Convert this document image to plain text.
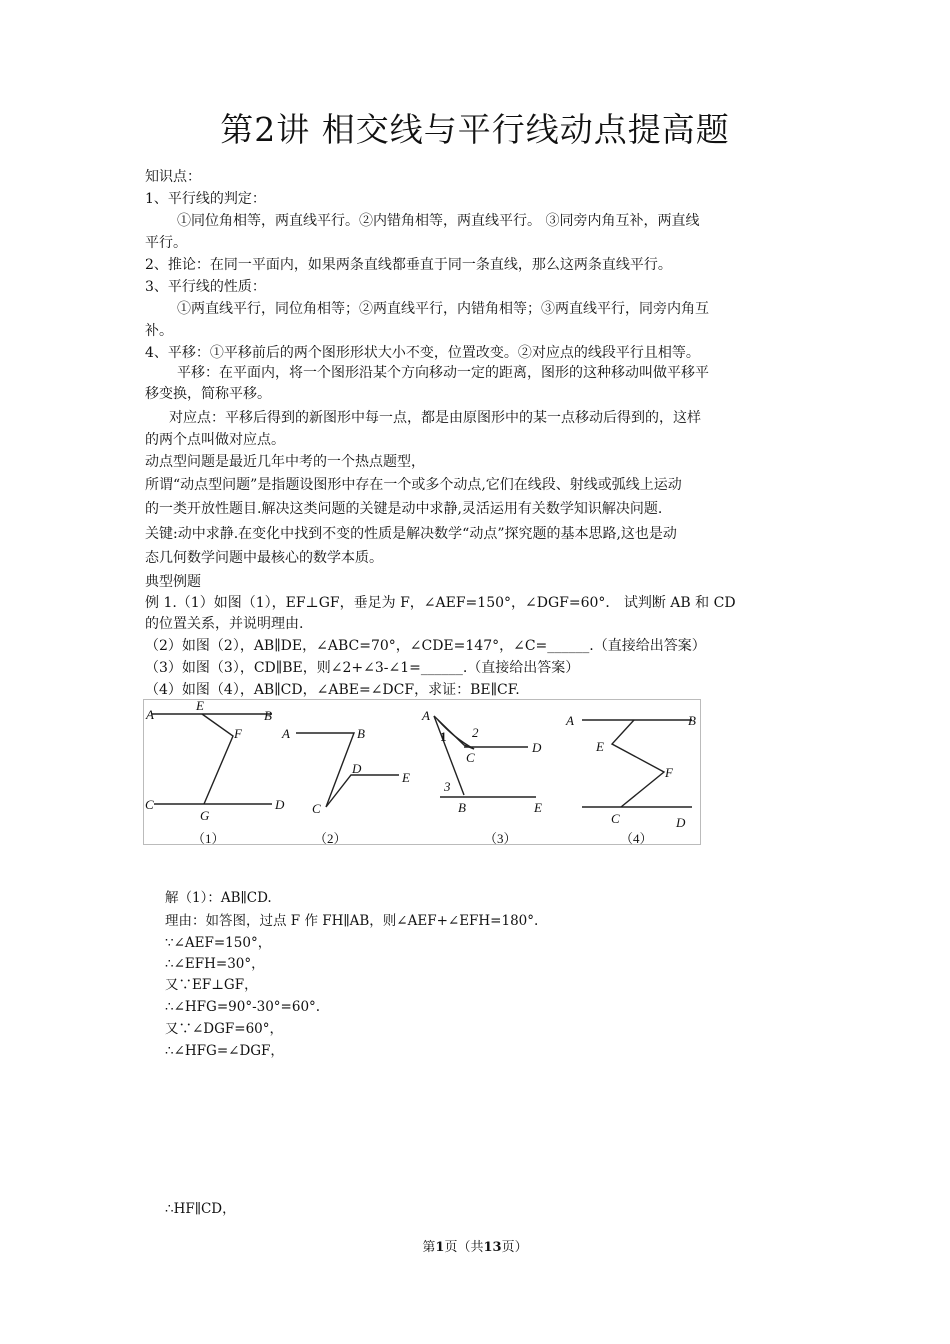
第2讲 相交线与平行线动点提高题
知识点：
1、平行线的判定：
①同位角相等，两直线平行。②内错角相等，两直线平行。 ③同旁内角互补，两直线
平行。
2、推论：在同一平面内，如果两条直线都垂直于同一条直线，那么这两条直线平行。
3、平行线的性质：
①两直线平行，同位角相等；②两直线平行，内错角相等；③两直线平行，同旁内角互
补。
4、平移：①平移前后的两个图形形状大小不变，位置改变。②对应点的线段平行且相等。
平移：在平面内，将一个图形沿某个方向移动一定的距离，图形的这种移动叫做平移平
移变换，简称平移。
对应点：平移后得到的新图形中每一点，都是由原图形中的某一点移动后得到的，这样
的两个点叫做对应点。
动点型问题是最近几年中考的一个热点题型，
所谓“动点型问题”是指题设图形中存在一个或多个动点,它们在线段、射线或弧线上运动
的一类开放性题目.解决这类问题的关键是动中求静,灵活运用有关数学知识解决问题.
关键:动中求静.在变化中找到不变的性质是解决数学“动点”探究题的基本思路,这也是动
态几何数学问题中最核心的数学本质。
典型例题
例 1.（1）如图（1），EF⊥GF，垂足为 F，∠AEF=150°，∠DGF=60°． 试判断 AB 和 CD
的位置关系，并说明理由.
（2）如图（2），AB∥DE，∠ABC=70°，∠CDE=147°，∠C=______.（直接给出答案）
（3）如图（3），CD∥BE，则∠2+∠3-∠1=______.（直接给出答案）
（4）如图（4），AB∥CD，∠ABE=∠DCF，求证：BE∥CF.
A
E
B
F
C
G
D
（1）
A	B
D
E
C
（2）
A
1 2
C
D
3
B	E
（3）
A	B
E
F
C	D
（4）
解（1）：AB∥CD.
理由：如答图，过点 F 作 FH∥AB，则∠AEF+∠EFH=180°.
∵∠AEF=150°，
∴∠EFH=30°，
又∵EF⊥GF，
∴∠HFG=90°-30°=60°.
又∵∠DGF=60°，
∴∠HFG=∠DGF，
∴HF∥CD，
第1页（共13页）
